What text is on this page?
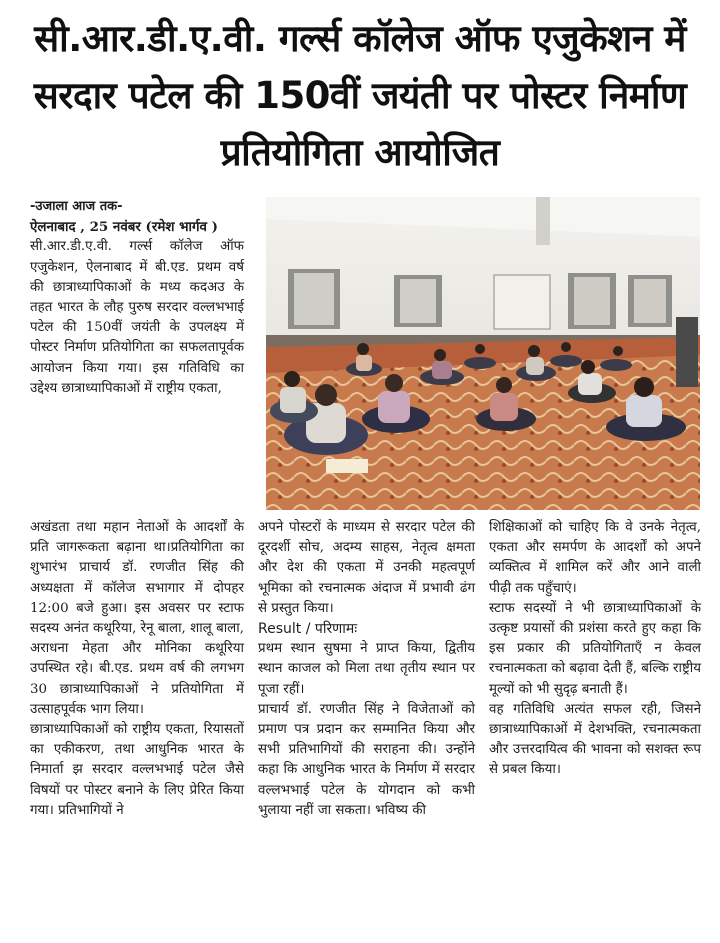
सी.आर.डी.ए.वी. गर्ल्स कॉलेज ऑफ एजुकेशन में सरदार पटेल की 150वीं जयंती पर पोस्टर निर्माण प्रतियोगिता आयोजित

-उजाला आज तक-

ऐलनाबाद , 25 नवंबर (रमेश भार्गव )

सी.आर.डी.ए.वी. गर्ल्स कॉलेज ऑफ एजुकेशन, ऐलनाबाद में बी.एड. प्रथम वर्ष की छात्राध्यापिकाओं के मध्य कदअउ के तहत भारत के लौह पुरुष सरदार वल्लभभाई पटेल की 150वीं जयंती के उपलक्ष्य में पोस्टर निर्माण प्रतियोगिता का सफलतापूर्वक आयोजन किया गया। इस गतिविधि का उद्देश्य छात्राध्यापिकाओं में राष्ट्रीय एकता,

अखंडता तथा महान नेताओं के आदर्शों के प्रति जागरूकता बढ़ाना था।प्रतियोगिता का शुभारंभ प्राचार्य डॉ. रणजीत सिंह की अध्यक्षता में कॉलेज सभागार में दोपहर 12:00 बजे हुआ। इस अवसर पर स्टाफ सदस्य अनंत कथूरिया, रेनू बाला, शालू बाला, अराधना मेहता और मोनिका कथूरिया उपस्थित रहे। बी.एड. प्रथम वर्ष की लगभग 30 छात्राध्यापिकाओं ने प्रतियोगिता में उत्साहपूर्वक भाग लिया।

छात्राध्यापिकाओं को राष्ट्रीय एकता, रियासतों का एकीकरण, तथा आधुनिक भारत के निमार्ता झ सरदार वल्लभभाई पटेल जैसे विषयों पर पोस्टर बनाने के लिए प्रेरित किया गया। प्रतिभागियों ने

अपने पोस्टरों के माध्यम से सरदार पटेल की दूरदर्शी सोच, अदम्य साहस, नेतृत्व क्षमता और देश की एकता में उनकी महत्वपूर्ण भूमिका को रचनात्मक अंदाज में प्रभावी ढंग से प्रस्तुत किया।

Result / परिणामः

प्रथम स्थान सुषमा ने प्राप्त किया, द्वितीय स्थान काजल को मिला तथा तृतीय स्थान पर पूजा रहीं।

प्राचार्य डॉ. रणजीत सिंह ने विजेताओं को प्रमाण पत्र प्रदान कर सम्मानित किया और सभी प्रतिभागियों की सराहना की। उन्होंने कहा कि आधुनिक भारत के निर्माण में सरदार वल्लभभाई पटेल के योगदान को कभी भुलाया नहीं जा सकता। भविष्य की

शिक्षिकाओं को चाहिए कि वे उनके नेतृत्व, एकता और समर्पण के आदर्शों को अपने व्यक्तित्व में शामिल करें और आने वाली पीढ़ी तक पहुँचाएं।

स्टाफ सदस्यों ने भी छात्राध्यापिकाओं के उत्कृष्ट प्रयासों की प्रशंसा करते हुए कहा कि इस प्रकार की प्रतियोगिताएँ न केवल रचनात्मकता को बढ़ावा देती हैं, बल्कि राष्ट्रीय मूल्यों को भी सुदृढ़ बनाती हैं।

वह गतिविधि अत्यंत सफल रही, जिसने छात्राध्यापिकाओं में देशभक्ति, रचनात्मकता और उत्तरदायित्व की भावना को सशक्त रूप से प्रबल किया।
